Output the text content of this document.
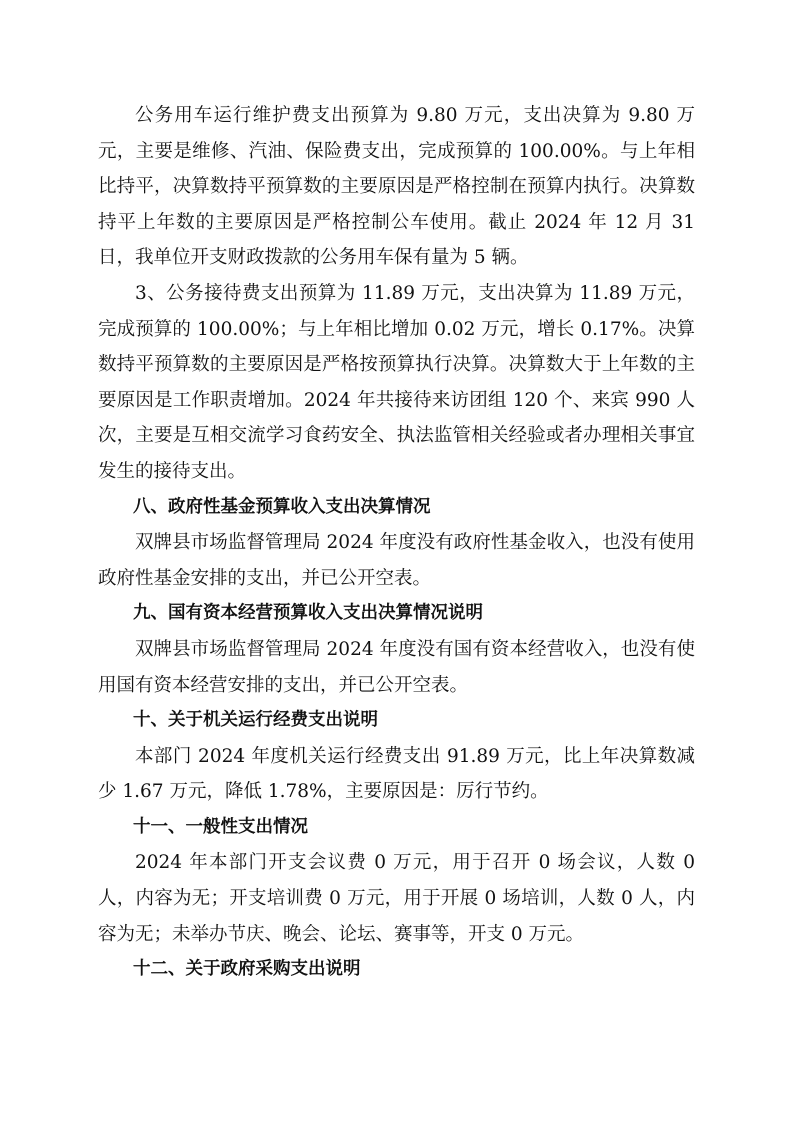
公务用车运行维护费支出预算为 9.80 万元，支出决算为 9.80 万元，主要是维修、汽油、保险费支出，完成预算的 100.00%。与上年相比持平，决算数持平预算数的主要原因是严格控制在预算内执行。决算数持平上年数的主要原因是严格控制公车使用。截止 2024 年 12 月 31 日，我单位开支财政拨款的公务用车保有量为 5 辆。

3、公务接待费支出预算为 11.89 万元，支出决算为 11.89 万元，完成预算的 100.00%；与上年相比增加 0.02 万元，增长 0.17%。决算数持平预算数的主要原因是严格按预算执行决算。决算数大于上年数的主要原因是工作职责增加。2024 年共接待来访团组 120 个、来宾 990 人次，主要是互相交流学习食药安全、执法监管相关经验或者办理相关事宜发生的接待支出。

八、政府性基金预算收入支出决算情况

双牌县市场监督管理局 2024 年度没有政府性基金收入，也没有使用政府性基金安排的支出，并已公开空表。

九、国有资本经营预算收入支出决算情况说明

双牌县市场监督管理局 2024 年度没有国有资本经营收入，也没有使用国有资本经营安排的支出，并已公开空表。

十、关于机关运行经费支出说明

本部门 2024 年度机关运行经费支出 91.89 万元，比上年决算数减少 1.67 万元，降低 1.78%，主要原因是：厉行节约。

十一、一般性支出情况

2024 年本部门开支会议费 0 万元，用于召开 0 场会议，人数 0 人，内容为无；开支培训费 0 万元，用于开展 0 场培训，人数 0 人，内容为无；未举办节庆、晚会、论坛、赛事等，开支 0 万元。

十二、关于政府采购支出说明
